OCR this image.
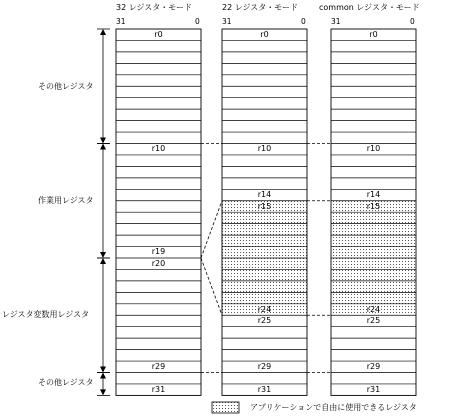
32 レジスタ・モード	22 レジスタ・モード	common レジスタ・モード
31	0	31	0	31	0
その他レジスタ
作業用レジスタ
レジスタ変数用レジスタ
その他レジスタ
アプリケーションで自由に使用できるレジスタ
r0
r10
r19
r20
r29
r31
r0
r10
r14
r15
r24
r25
r29
r31
r0
r10
r14
r15
r24
r25
r29
r31
